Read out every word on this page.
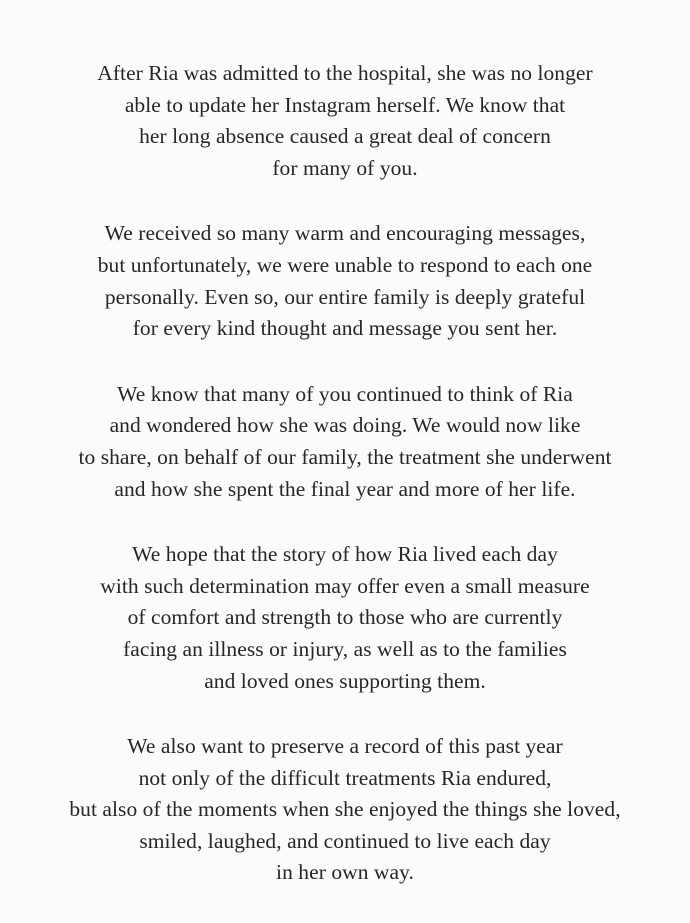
After Ria was admitted to the hospital, she was no longer
able to update her Instagram herself. We know that
her long absence caused a great deal of concern
for many of you.

We received so many warm and encouraging messages,
but unfortunately, we were unable to respond to each one
personally. Even so, our entire family is deeply grateful
for every kind thought and message you sent her.

We know that many of you continued to think of Ria
and wondered how she was doing. We would now like
to share, on behalf of our family, the treatment she underwent
and how she spent the final year and more of her life.

We hope that the story of how Ria lived each day
with such determination may offer even a small measure
of comfort and strength to those who are currently
facing an illness or injury, as well as to the families
and loved ones supporting them.

We also want to preserve a record of this past year
not only of the difficult treatments Ria endured,
but also of the moments when she enjoyed the things she loved,
smiled, laughed, and continued to live each day
in her own way.
